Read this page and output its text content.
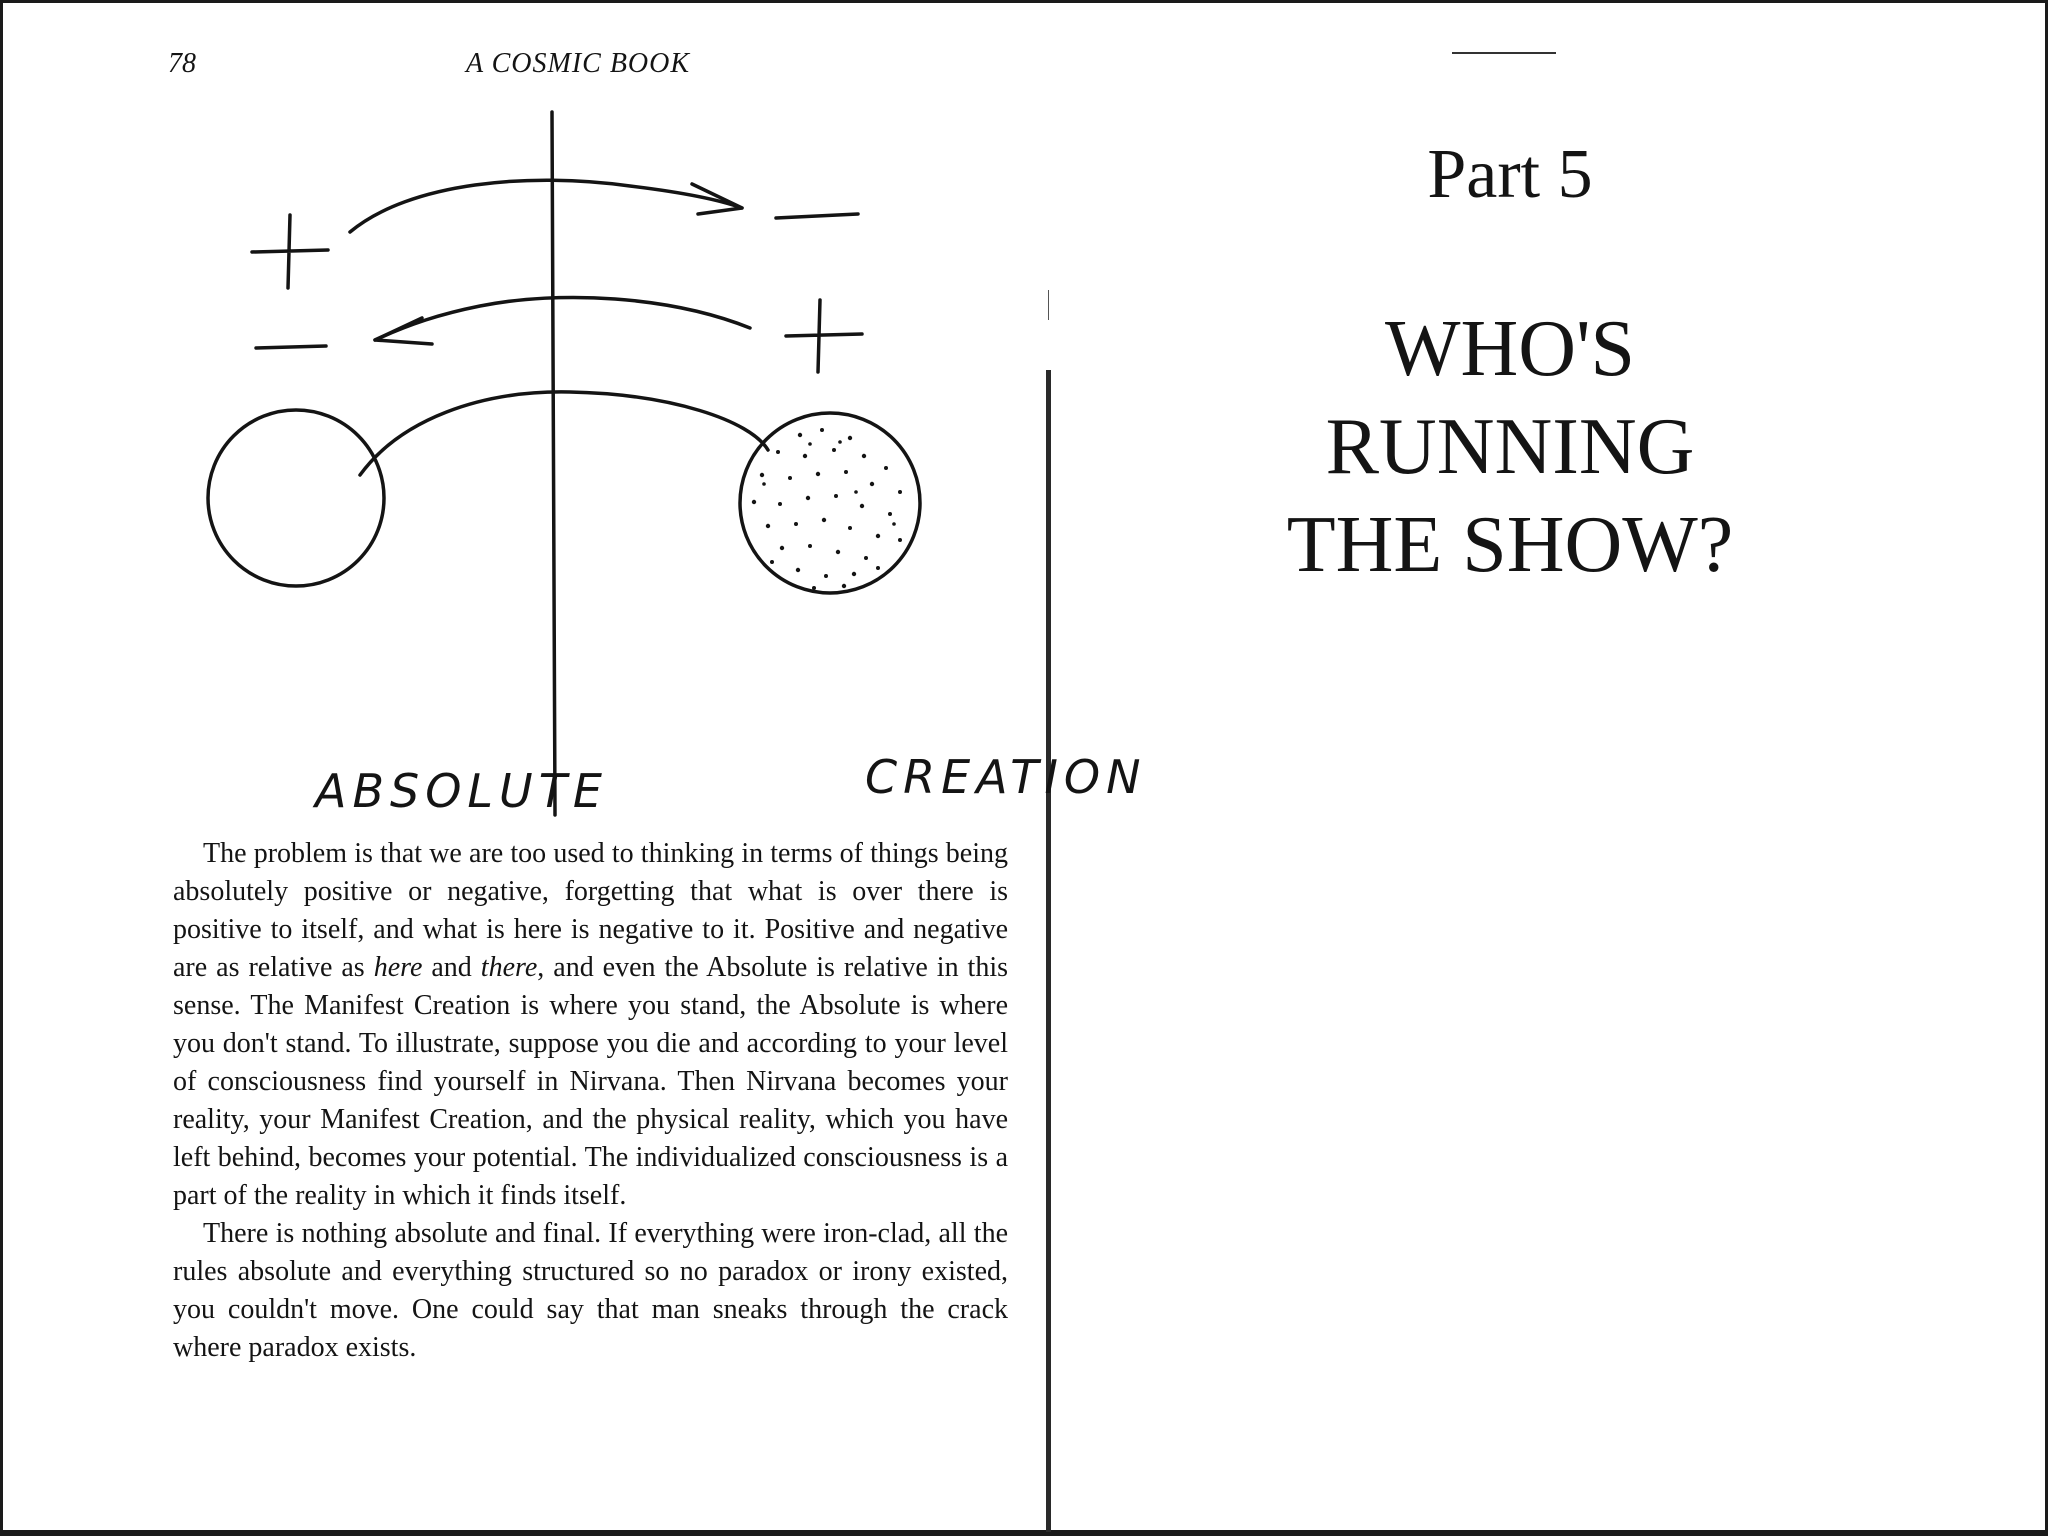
78	A COSMIC BOOK
ABSOLUTE	CREATION

The problem is that we are too used to thinking in terms of things being absolutely positive or negative, forgetting that what is over there is positive to itself, and what is here is negative to it. Positive and negative are as relative as here and there, and even the Absolute is relative in this sense. The Manifest Creation is where you stand, the Absolute is where you don't stand. To illustrate, suppose you die and according to your level of consciousness find yourself in Nirvana. Then Nirvana becomes your reality, your Manifest Creation, and the physical reality, which you have left behind, becomes your potential. The individualized consciousness is a part of the reality in which it finds itself.

There is nothing absolute and final. If everything were iron-clad, all the rules absolute and everything structured so no paradox or irony existed, you couldn't move. One could say that man sneaks through the crack where paradox exists.

Part 5
WHO'S
RUNNING
THE SHOW?
